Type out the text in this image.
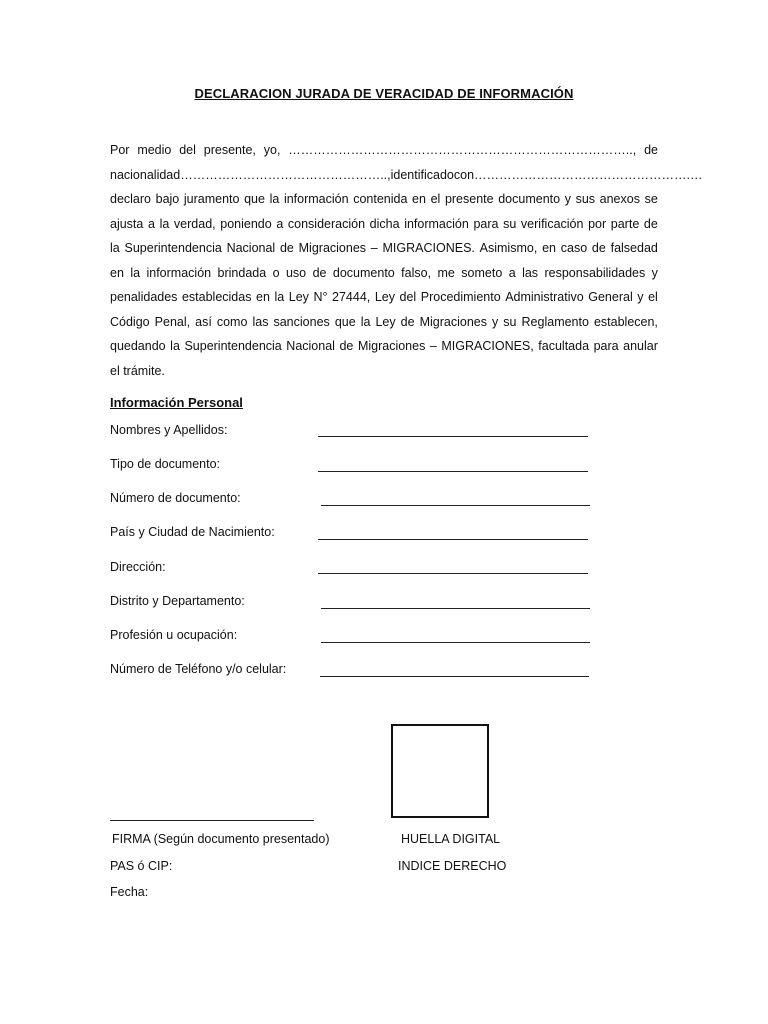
DECLARACION JURADA DE VERACIDAD DE INFORMACIÓN
Por medio del presente, yo, ……………………………………………………………………….., de
nacionalidad………………………………………….., identificado con …………………………………………….…
declaro bajo juramento que la información contenida en el presente documento y sus anexos se
ajusta a la verdad, poniendo a consideración dicha información para su verificación por parte de
la Superintendencia Nacional de Migraciones – MIGRACIONES. Asimismo, en caso de falsedad
en la información brindada o uso de documento falso, me someto a las responsabilidades y
penalidades establecidas en la Ley N° 27444, Ley del Procedimiento Administrativo General y el
Código Penal, así como las sanciones que la Ley de Migraciones y su Reglamento establecen,
quedando la Superintendencia Nacional de Migraciones – MIGRACIONES, facultada para anular
el trámite.
Información Personal
Nombres y Apellidos:
Tipo de documento:
Número de documento:
País y Ciudad de Nacimiento:
Dirección:
Distrito y Departamento:
Profesión u ocupación:
Número de Teléfono y/o celular:
FIRMA (Según documento presentado)	HUELLA DIGITAL
PAS ó CIP:	INDICE DERECHO
Fecha:
